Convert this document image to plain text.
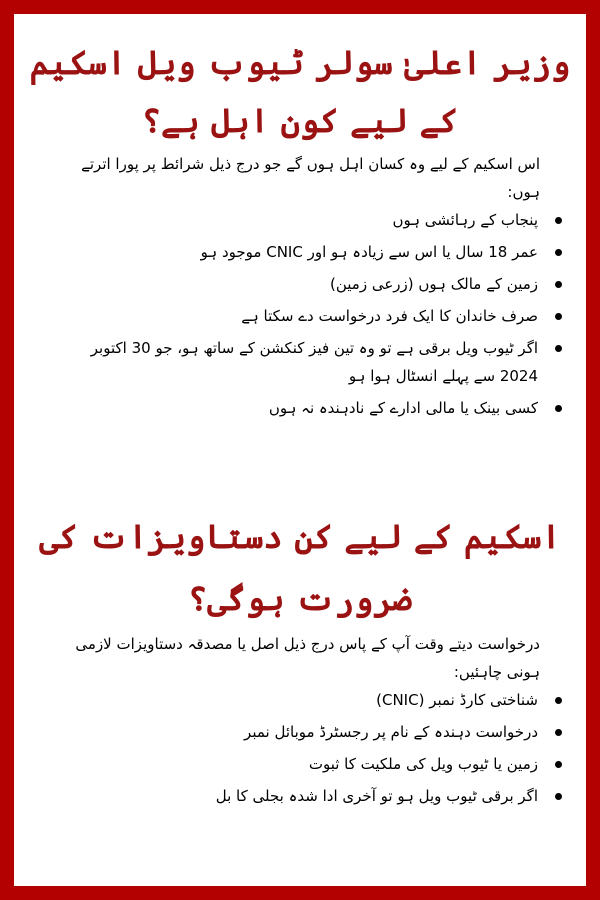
وزیر اعلیٰ سولر ٹیوب ویل اسکیم کے لیے کون اہل ہے؟

اس اسکیم کے لیے وہ کسان اہل ہوں گے جو درج ذیل شرائط پر پورا اترتے ہوں:

پنجاب کے رہائشی ہوں
عمر 18 سال یا اس سے زیادہ ہو اور CNIC موجود ہو
زمین کے مالک ہوں (زرعی زمین)
صرف خاندان کا ایک فرد درخواست دے سکتا ہے
اگر ٹیوب ویل برقی ہے تو وہ تین فیز کنکشن کے ساتھ ہو، جو 30 اکتوبر 2024 سے پہلے انسٹال ہوا ہو
کسی بینک یا مالی ادارے کے نادہندہ نہ ہوں
اسکیم کے لیے کن دستاویزات کی ضرورت ہوگی؟

درخواست دیتے وقت آپ کے پاس درج ذیل اصل یا مصدقہ دستاویزات لازمی ہونی چاہئیں:

شناختی کارڈ نمبر (CNIC)
درخواست دہندہ کے نام پر رجسٹرڈ موبائل نمبر
زمین یا ٹیوب ویل کی ملکیت کا ثبوت
اگر برقی ٹیوب ویل ہو تو آخری ادا شدہ بجلی کا بل
